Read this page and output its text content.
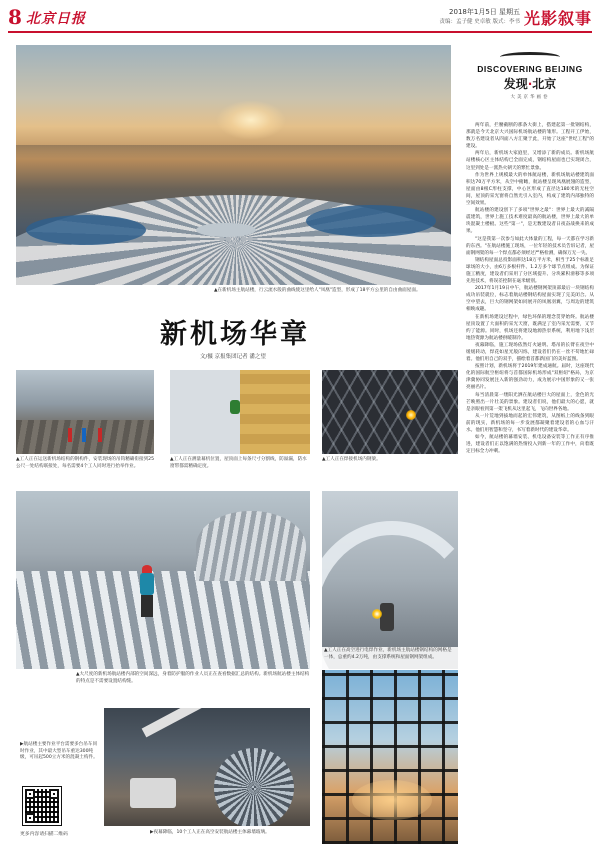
8 北京日报	2018年1月5日 星期五
责编：孟子健 史卓敏 版式：李书 光影叙事
▲在新机场主航站楼，行云流水般的曲线使这里给人"凤凰"造型，形成了18平方公里的自由曲面屋面。
DISCOVERING BEIJING
发现·北京
大美京华画卷

两年前，拦腰截断的那条大街上，搭建起第一批钢结构，那就是今天北京大兴国际机场航站楼的雏形。工程开工伊始，数万名建设者从四面八方汇聚于此，开始了这座"世纪工程"的建设。

两年后，新机场大家庭里，又增添了新的成员。新机场航站楼核心区主体结构已全面完成，钢结构屋面也已实现闭合，这里到处是一派热火朝天的繁忙景象。

作为世界上规模最大的单体航站楼，新机场航站楼建筑面积达70万平方米，从空中俯瞰，航站楼呈现凤凰展翅的造型，屋面由8根C形柱支撑，中心区形成了直径达180米的无柱空间，屋顶的采光窗将自然光引入室内，构成了建筑内部独特的空间效果。

航站楼的建设创下了多项"世界之最"：世界上最大的减隔震建筑，世界上施工技术难度最高的航站楼，世界上最大的单块混凝土楼板。这些"第一"，是无数建设者日夜奋战换来的成果。

"这是我第一次参与如此大体量的工程，每一天都在学习新的东西。"在航站楼施工现场，一位年轻的技术员告诉记者，屋面钢网架的每一个焊点都必须经过严格检测，确保万无一失。

钢结构屋面总投影面积达18万平方米，相当于25个标准足球场的大小，由6万多根杆件、1.2万多个球节点组成。为保证施工精度，建设者们采用了分区域提升、分块累积滑移等多项先进技术，将误差控制在毫米级别。

2017年1月19日中午，航站楼钢网架顶部最后一块钢结构成功吊装就位，标志着航站楼钢结构屋面实现了完美闭合。从空中望去，巨大的钢网架如同展开的凤凰羽翼，与周边的建筑相映成趣。

在新机场建设过程中，绿色环保的理念贯穿始终。航站楼屋顶设置了大面积的采光天窗，既满足了室内采光需要，又节约了能源。同时，机场还将建设地源热泵系统，利用地下浅层地热资源为航站楼供暖制冷。

夜幕降临，施工现场依然灯火通明。塔吊的长臂在夜空中缓缓转动，焊花如星光般闪烁，建设者们仍在一丝不苟地忙碌着。他们用自己的双手，描绘着首都新国门的美好蓝图。

按照计划，新机场将于2019年建成通航。届时，这座现代化的国际航空枢纽将与首都国际机场形成"双枢纽"格局，为京津冀协同发展注入新的强劲动力，成为展示中国形象的又一张亮丽名片。

每当清晨第一缕阳光洒在航站楼巨大的屋面上，金色的光芒映照出一片壮美的景象。建设者们说，他们最大的心愿，就是亲眼看到第一架飞机从这里起飞，飞向世界各地。

从一片荒地到拔地而起的宏伟建筑，从图纸上的线条到眼前的现实，新机场的每一步发展都凝聚着建设者的心血与汗水。他们用智慧和坚守，书写着新时代的建设华章。

如今，航站楼的幕墙安装、机电设备安装等工作正有序推进，建设者们正以饱满的热情投入到新一年的工作中，向着既定目标全力冲刺。

新机场华章
文/摄 京报集团记者 潘之望
▲工人正在运送新机场结构的钢构件，安装现场的吊钩精确衔接到25公尺一处结构联接处，每名需要4个工人同时进行抬举作业。
▲工人正在测量幕机位置，屋顶面上每条尺寸分割线，防溢漏，防水窗带都需精确定度。
▲工人正在焊接机场内钢梁。
▲大尺度的新机场航站楼内部的空间深远，身着防护服的作业人员正在查看数据汇总的结构。新机场航站楼主体结构的特点是不需要设置结构缝。
▶航站楼主要作业平台需要多台吊车同时作业，其中最大型吊车重达300吨级，可吊起500立方米的混凝土构件。
▶夜幕降临，10个工人正在高空安装航站楼主体幕墙玻璃。
更多内容请扫描二维码
▲工人正在高空进行电焊作业，新机场主航站楼钢结构的网格是一体，总重约4.2万吨，由支撑系统和屋面钢网架组成。
